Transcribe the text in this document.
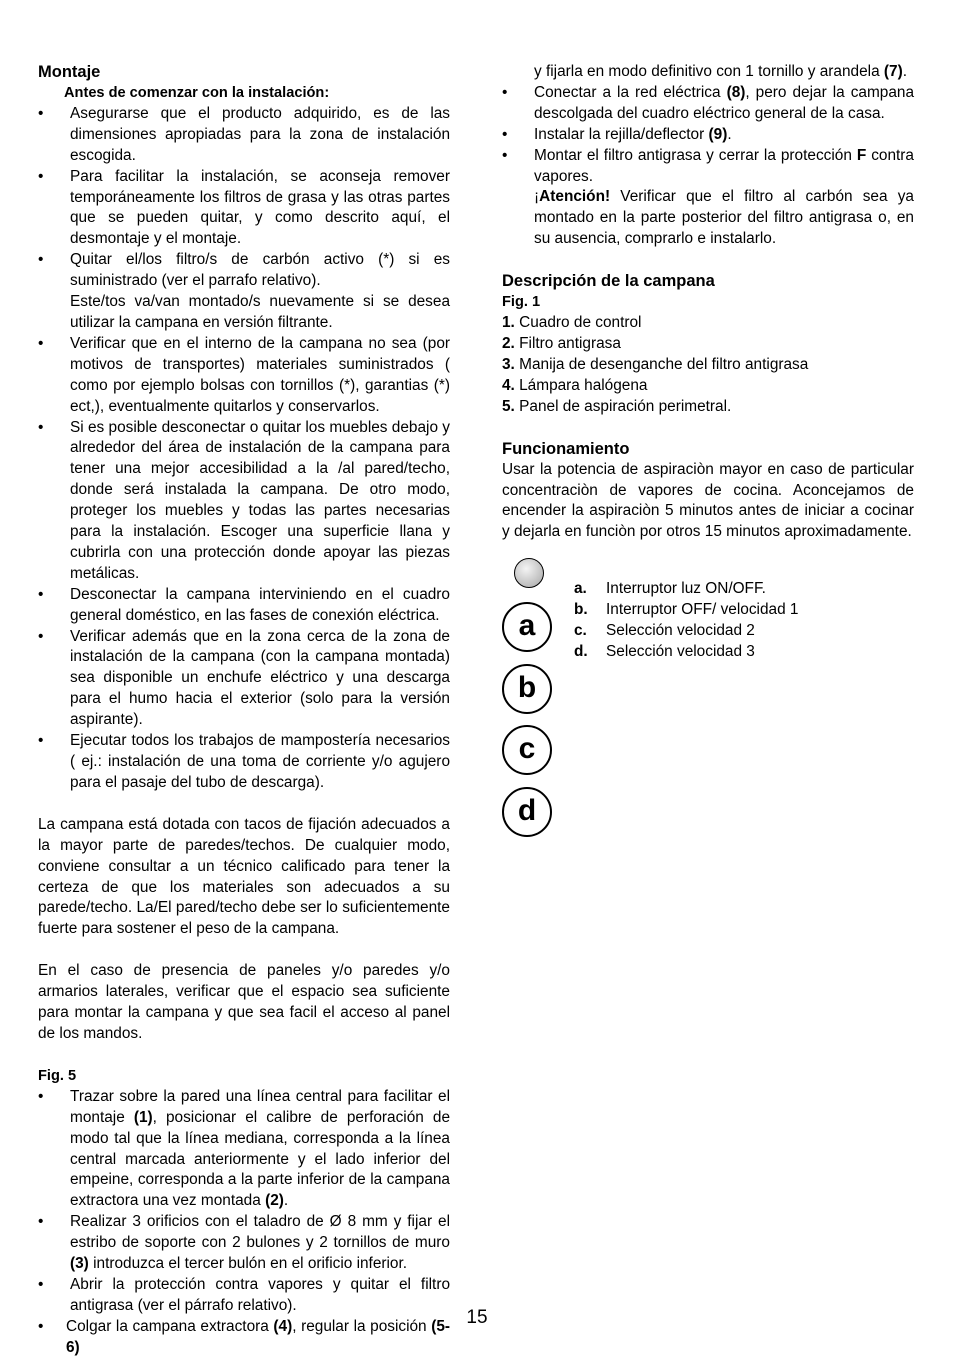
Montaje
Antes de comenzar con la instalación:
• Asegurarse que el producto adquirido, es de las dimensiones apropiadas para la zona de instalación escogida.
• Para facilitar la instalación, se aconseja remover temporáneamente los filtros de grasa y las otras partes que se pueden quitar, y como descrito aquí, el desmontaje y el montaje.
• Quitar el/los filtro/s de carbón activo (*) si es suministrado (ver el parrafo relativo).
Este/tos va/van montado/s nuevamente si se desea utilizar la campana en versión filtrante.
• Verificar que en el interno de la campana no sea (por motivos de transportes) materiales suministrados ( como por ejemplo bolsas con tornillos (*), garantias (*) ect,), eventualmente quitarlos y conservarlos.
• Si es posible desconectar o quitar los muebles debajo y alrededor del área de instalación de la campana para tener una mejor accesibilidad a la /al pared/techo, donde será instalada la campana. De otro modo, proteger los muebles y todas las partes necesarias para la instalación. Escoger una superficie llana y cubrirla con una protección donde apoyar las piezas metálicas.
• Desconectar la campana interviniendo en el cuadro general doméstico, en las fases de conexión eléctrica.
• Verificar además que en la zona cerca de la zona de instalación de la campana (con la campana montada) sea disponible un enchufe eléctrico y una descarga para el humo hacia el exterior (solo para la versión aspirante).
• Ejecutar todos los trabajos de mampostería necesarios ( ej.: instalación de una toma de corriente y/o agujero para el pasaje del tubo de descarga).

La campana está dotada con tacos de fijación adecuados a la mayor parte de paredes/techos. De cualquier modo, conviene consultar a un técnico calificado para tener la certeza de que los materiales son adecuados a su parede/techo. La/El pared/techo debe ser lo suficientemente fuerte para sostener el peso de la campana.

En el caso de presencia de paneles y/o paredes y/o armarios laterales, verificar que el espacio sea suficiente para montar la campana y que sea facil el acceso al panel de los mandos.

Fig. 5
• Trazar sobre la pared una línea central para facilitar el montaje (1), posicionar el calibre de perforación de modo tal que la línea mediana, corresponda a la línea central marcada anteriormente y el lado inferior del empeine, corresponda a la parte inferior de la campana extractora una vez montada (2).
• Realizar 3 orificios con el taladro de Ø 8 mm y fijar el estribo de soporte con 2 bulones y 2 tornillos de muro (3) introduzca el tercer bulón en el orificio inferior.
• Abrir la protección contra vapores y quitar el filtro antigrasa (ver el párrafo relativo).
• Colgar la campana extractora (4), regular la posición (5-6)
y fijarla en modo definitivo con 1 tornillo y arandela (7).
• Conectar a la red eléctrica (8), pero dejar la campana descolgada del cuadro eléctrico general de la casa.
• Instalar la rejilla/deflector (9).
• Montar el filtro antigrasa y cerrar la protección F contra vapores.
¡Atención! Verificar que el filtro al carbón sea ya montado en la parte posterior del filtro antigrasa o, en su ausencia, comprarlo e instalarlo.
Descripción de la campana
Fig. 1
1. Cuadro de control
2. Filtro antigrasa
3. Manija de desenganche del filtro antigrasa
4. Lámpara halógena
5. Panel de aspiración perimetral.
Funcionamiento

Usar la potencia de aspiraciòn mayor en caso de particular concentraciòn de vapores de cocina. Aconcejamos de encender la aspiraciòn 5 minutos antes de iniciar a cocinar y dejarla en funciòn por otros 15 minutos aproximadamente.

a
b
c
d
a.	Interruptor luz ON/OFF.
b.	Interruptor OFF/ velocidad 1
c.	Selección velocidad 2
d.	Selección velocidad 3
15
